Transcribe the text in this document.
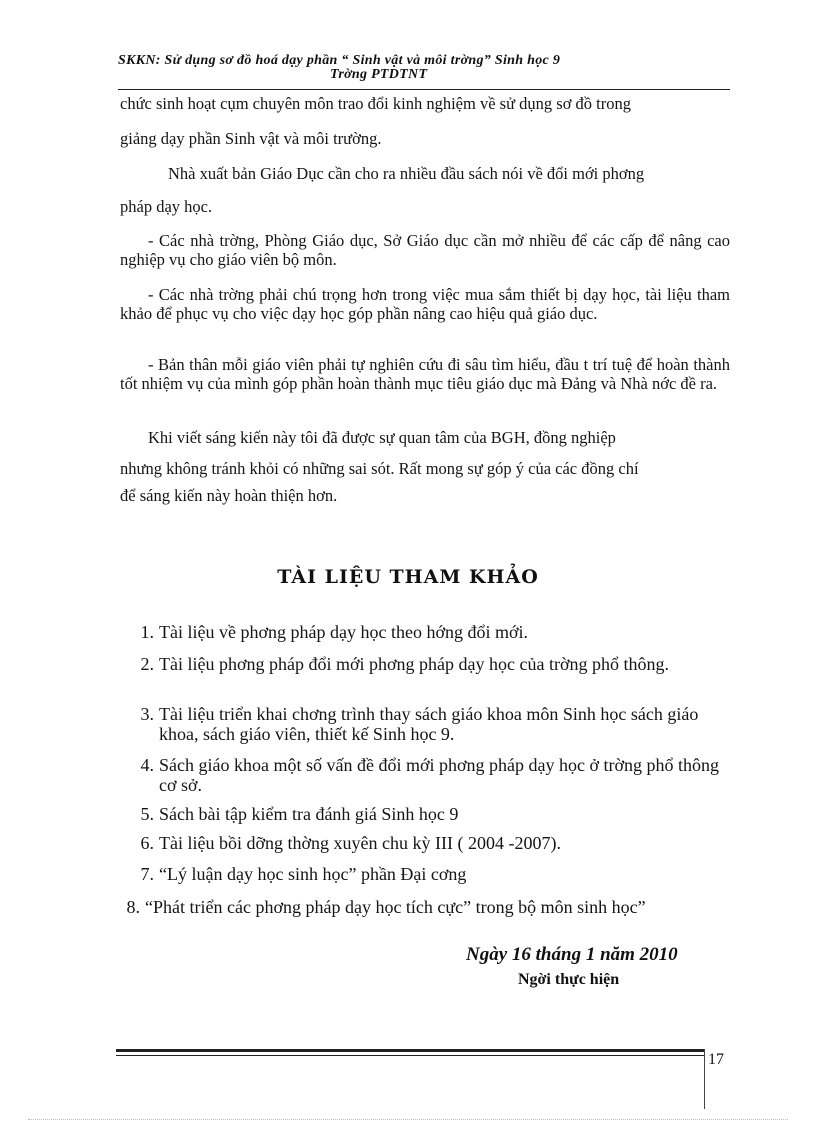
SKKN: Sử dụng sơ đồ hoá dạy phần “ Sinh vật và môi trờng” Sinh học 9
Trờng PTDTNT
chức sinh hoạt cụm chuyên môn trao đổi kinh nghiệm về sử dụng sơ đồ trong
giảng dạy phần Sinh vật và môi trường.
Nhà xuất bản Giáo Dục cần cho ra nhiều đầu sách nói về đổi mới phơng
pháp dạy học.
- Các nhà trờng, Phòng Giáo dục, Sở Giáo dục cần mở nhiều để các cấp để nâng cao nghiệp vụ cho giáo viên bộ môn.
- Các nhà trờng phải chú trọng hơn trong việc mua sắm thiết bị dạy học, tài liệu tham khảo để phục vụ cho việc dạy học góp phần nâng cao hiệu quả giáo dục.
- Bản thân mỗi giáo viên phải tự nghiên cứu đi sâu tìm hiểu, đầu t trí tuệ để hoàn thành tốt nhiệm vụ của mình góp phần hoàn thành mục tiêu giáo dục mà Đảng và Nhà nớc đề ra.
Khi viết sáng kiến này tôi đã được sự quan tâm của BGH, đồng nghiệp
nhưng không tránh khỏi có những sai sót. Rất mong sự góp ý của các đồng chí
để sáng kiến này hoàn thiện hơn.
TÀI LIỆU THAM KHẢO
1. Tài liệu về phơng pháp dạy học theo hớng đổi mới.
2. Tài liệu phơng pháp đổi mới phơng pháp dạy học của trờng phổ thông.
3. Tài liệu triển khai chơng trình thay sách giáo khoa môn Sinh học sách giáo khoa, sách giáo viên, thiết kế Sinh học 9.
4. Sách giáo khoa một số vấn đề đổi mới phơng pháp dạy học ở trờng phổ thông cơ sở.
5. Sách bài tập kiểm tra đánh giá Sinh học 9
6. Tài liệu bồi dỡng thờng xuyên chu kỳ III ( 2004 -2007).
7. “Lý luận dạy học sinh học” phần Đại cơng
8. “Phát triển các phơng pháp dạy học tích cực” trong bộ môn sinh học”
Ngày 16 tháng 1 năm 2010
Ngời thực hiện
17
